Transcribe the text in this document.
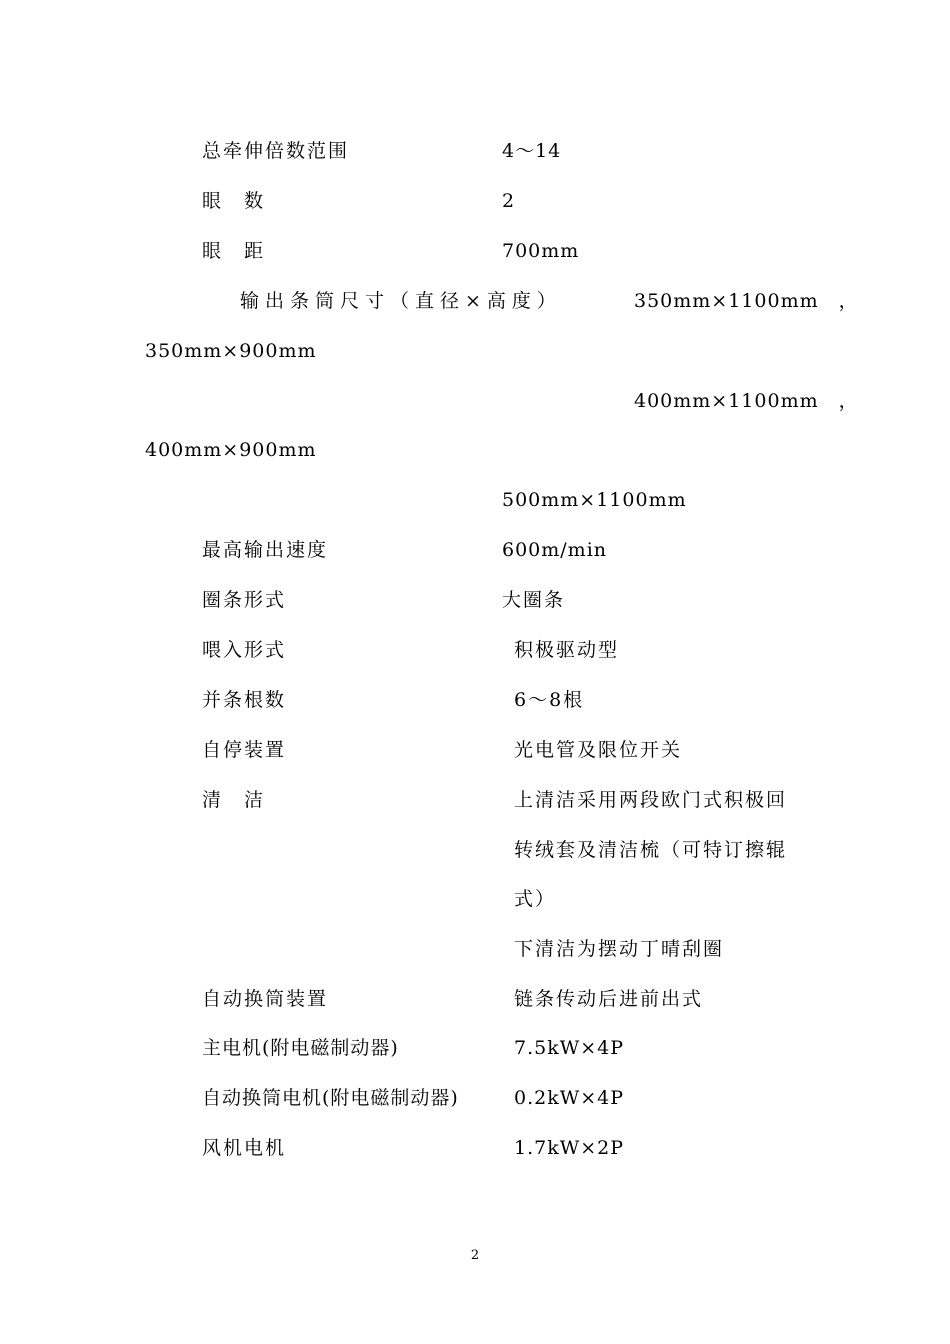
总牵伸倍数范围	4～14
眼　数	2
眼　距	700mm
输出条筒尺寸（直径×高度）	350mm×1100mm　，
350mm×900mm
400mm×1100mm　，
400mm×900mm
500mm×1100mm
最高输出速度	600m/min
圈条形式	大圈条
喂入形式	积极驱动型
并条根数	6～8根
自停装置	光电管及限位开关
清　洁	上清洁采用两段欧门式积极回
转绒套及清洁梳（可特订擦辊
式）
下清洁为摆动丁晴刮圈
自动换筒装置	链条传动后进前出式
主电机(附电磁制动器)	7.5kW×4P
自动换筒电机(附电磁制动器)	0.2kW×4P
风机电机	1.7kW×2P
2
